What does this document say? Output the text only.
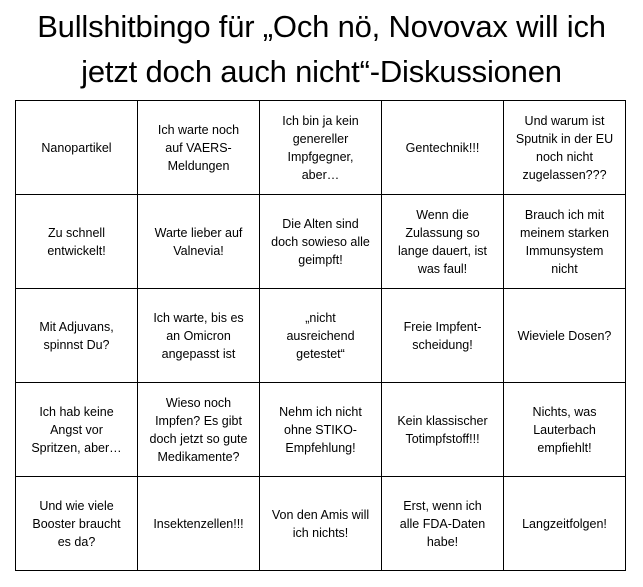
Bullshitbingo für „Och nö, Novovax will ich
jetzt doch auch nicht“-Diskussionen
Nanopartikel
Ich warte noch
auf VAERS-
Meldungen
Ich bin ja kein
genereller
Impfgegner,
aber…
Gentechnik!!!
Und warum ist
Sputnik in der EU
noch nicht
zugelassen???
Zu schnell
entwickelt!
Warte lieber auf
Valnevia!
Die Alten sind
doch sowieso alle
geimpft!
Wenn die
Zulassung so
lange dauert, ist
was faul!
Brauch ich mit
meinem starken
Immunsystem
nicht
Mit Adjuvans,
spinnst Du?
Ich warte, bis es
an Omicron
angepasst ist
„nicht
ausreichend
getestet“
Freie Impfent-
scheidung!
Wieviele Dosen?
Ich hab keine
Angst vor
Spritzen, aber…
Wieso noch
Impfen? Es gibt
doch jetzt so gute
Medikamente?
Nehm ich nicht
ohne STIKO-
Empfehlung!
Kein klassischer
Totimpfstoff!!!
Nichts, was
Lauterbach
empfiehlt!
Und wie viele
Booster braucht
es da?
Insektenzellen!!!
Von den Amis will
ich nichts!
Erst, wenn ich
alle FDA-Daten
habe!
Langzeitfolgen!
